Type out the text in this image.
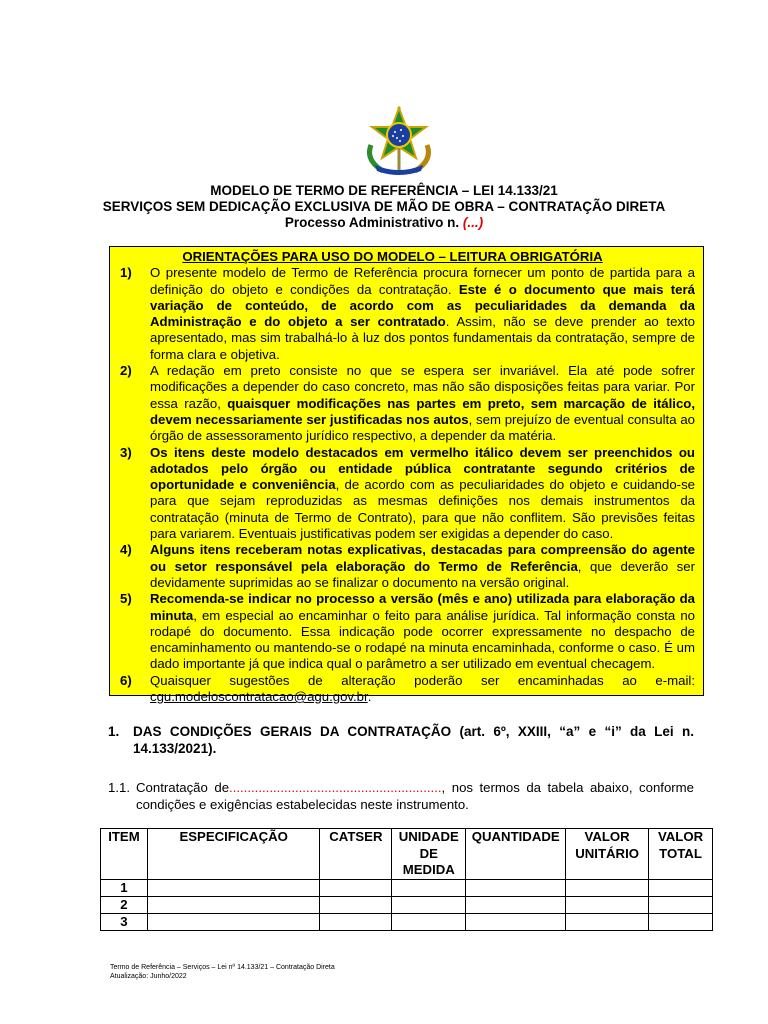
MODELO DE TERMO DE REFERÊNCIA – LEI 14.133/21
SERVIÇOS SEM DEDICAÇÃO EXCLUSIVA DE MÃO DE OBRA – CONTRATAÇÃO DIRETA
Processo Administrativo n. (...)
ORIENTAÇÕES PARA USO DO MODELO – LEITURA OBRIGATÓRIA
1)	O presente modelo de Termo de Referência procura fornecer um ponto de partida para a definição do objeto e condições da contratação. Este é o documento que mais terá variação de conteúdo, de acordo com as peculiaridades da demanda da Administração e do objeto a ser contratado. Assim, não se deve prender ao texto apresentado, mas sim trabalhá-lo à luz dos pontos fundamentais da contratação, sempre de forma clara e objetiva.
2)	A redação em preto consiste no que se espera ser invariável. Ela até pode sofrer modificações a depender do caso concreto, mas não são disposições feitas para variar. Por essa razão, quaisquer modificações nas partes em preto, sem marcação de itálico, devem necessariamente ser justificadas nos autos, sem prejuízo de eventual consulta ao órgão de assessoramento jurídico respectivo, a depender da matéria.
3)	Os itens deste modelo destacados em vermelho itálico devem ser preenchidos ou adotados pelo órgão ou entidade pública contratante segundo critérios de oportunidade e conveniência, de acordo com as peculiaridades do objeto e cuidando-se para que sejam reproduzidas as mesmas definições nos demais instrumentos da contratação (minuta de Termo de Contrato), para que não conflitem. São previsões feitas para variarem. Eventuais justificativas podem ser exigidas a depender do caso.
4)	Alguns itens receberam notas explicativas, destacadas para compreensão do agente ou setor responsável pela elaboração do Termo de Referência, que deverão ser devidamente suprimidas ao se finalizar o documento na versão original.
5)	Recomenda-se indicar no processo a versão (mês e ano) utilizada para elaboração da minuta, em especial ao encaminhar o feito para análise jurídica. Tal informação consta no rodapé do documento. Essa indicação pode ocorrer expressamente no despacho de encaminhamento ou mantendo-se o rodapé na minuta encaminhada, conforme o caso. É um dado importante já que indica qual o parâmetro a ser utilizado em eventual checagem.
6)	Quaisquer sugestões de alteração poderão ser encaminhadas ao e-mail: cgu.modeloscontratacao@agu.gov.br.
1. DAS CONDIÇÕES GERAIS DA CONTRATAÇÃO (art. 6º, XXIII, “a” e “i” da Lei n. 14.133/2021).
1.1. Contratação de.........................................................., nos termos da tabela abaixo, conforme condições e exigências estabelecidas neste instrumento.
ITEM	ESPECIFICAÇÃO	CATSER	UNIDADE DE MEDIDA	QUANTIDADE	VALOR UNITÁRIO	VALOR TOTAL
1						
2						
3						
Termo de Referência – Serviços – Lei nº 14.133/21 – Contratação Direta
Atualização: Junho/2022
